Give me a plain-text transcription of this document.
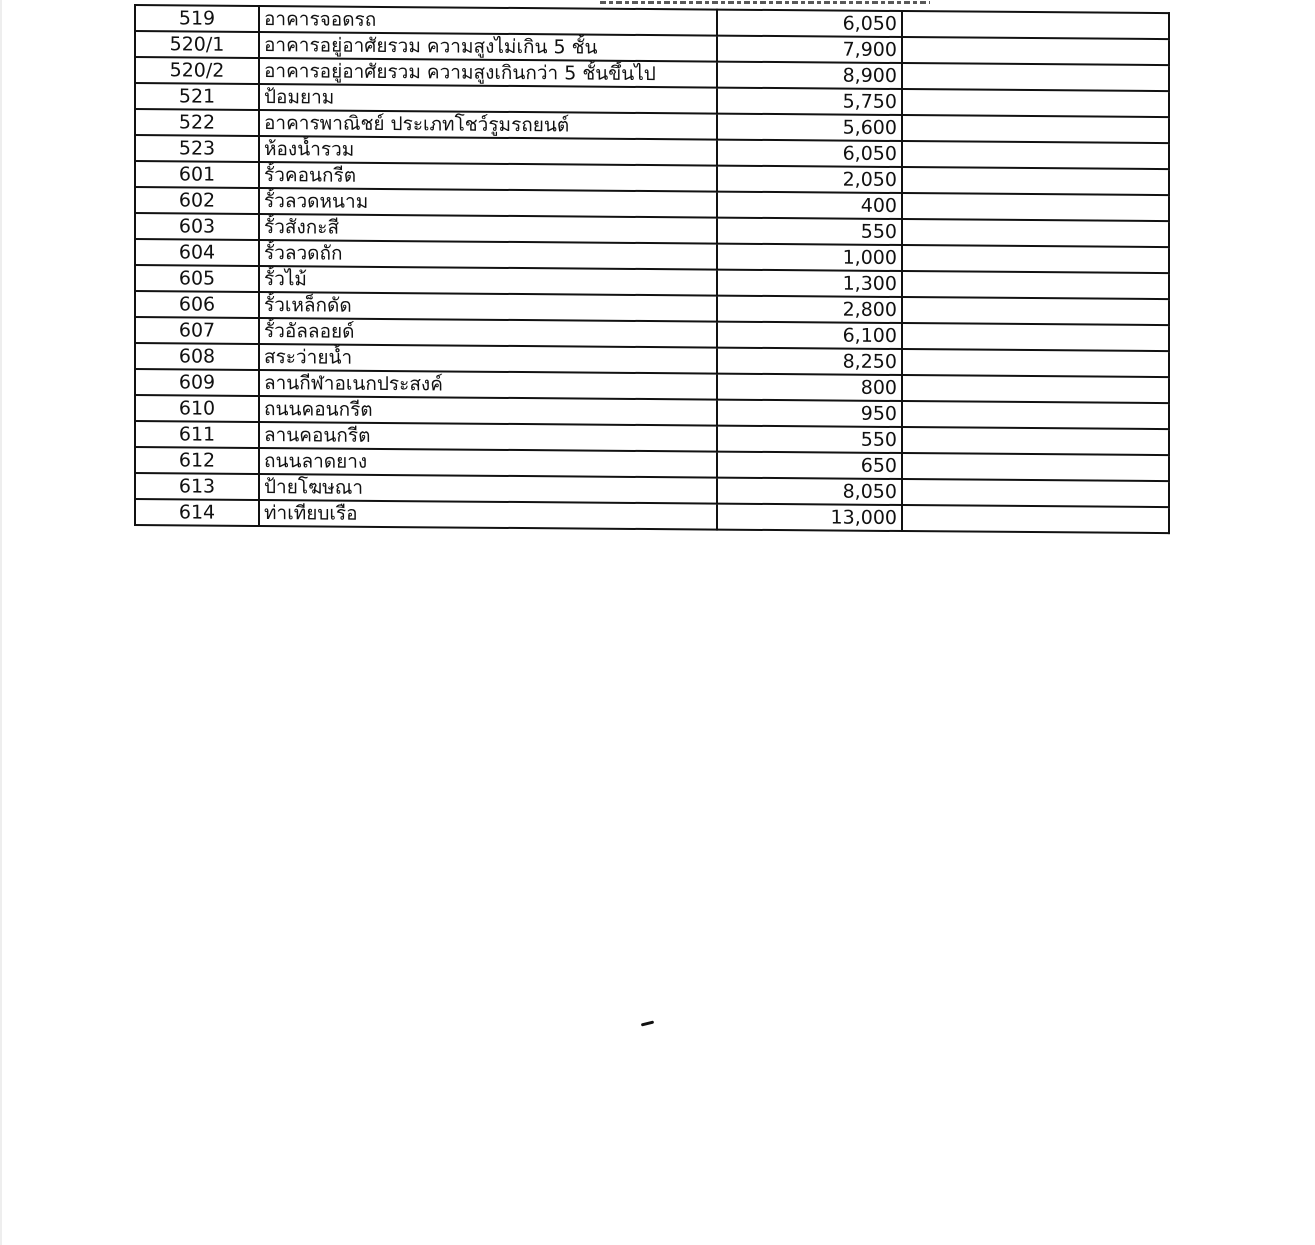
519	อาคารจอดรถ	6,050	
520/1	อาคารอยู่อาศัยรวม ความสูงไม่เกิน 5 ชั้น	7,900	
520/2	อาคารอยู่อาศัยรวม ความสูงเกินกว่า 5 ชั้นขึ้นไป	8,900	
521	ป้อมยาม	5,750	
522	อาคารพาณิชย์ ประเภทโชว์รูมรถยนต์	5,600	
523	ห้องน้ำรวม	6,050	
601	รั้วคอนกรีต	2,050	
602	รั้วลวดหนาม	400	
603	รั้วสังกะสี	550	
604	รั้วลวดถัก	1,000	
605	รั้วไม้	1,300	
606	รั้วเหล็กดัด	2,800	
607	รั้วอัลลอยด์	6,100	
608	สระว่ายน้ำ	8,250	
609	ลานกีฬาอเนกประสงค์	800	
610	ถนนคอนกรีต	950	
611	ลานคอนกรีต	550	
612	ถนนลาดยาง	650	
613	ป้ายโฆษณา	8,050	
614	ท่าเทียบเรือ	13,000	
